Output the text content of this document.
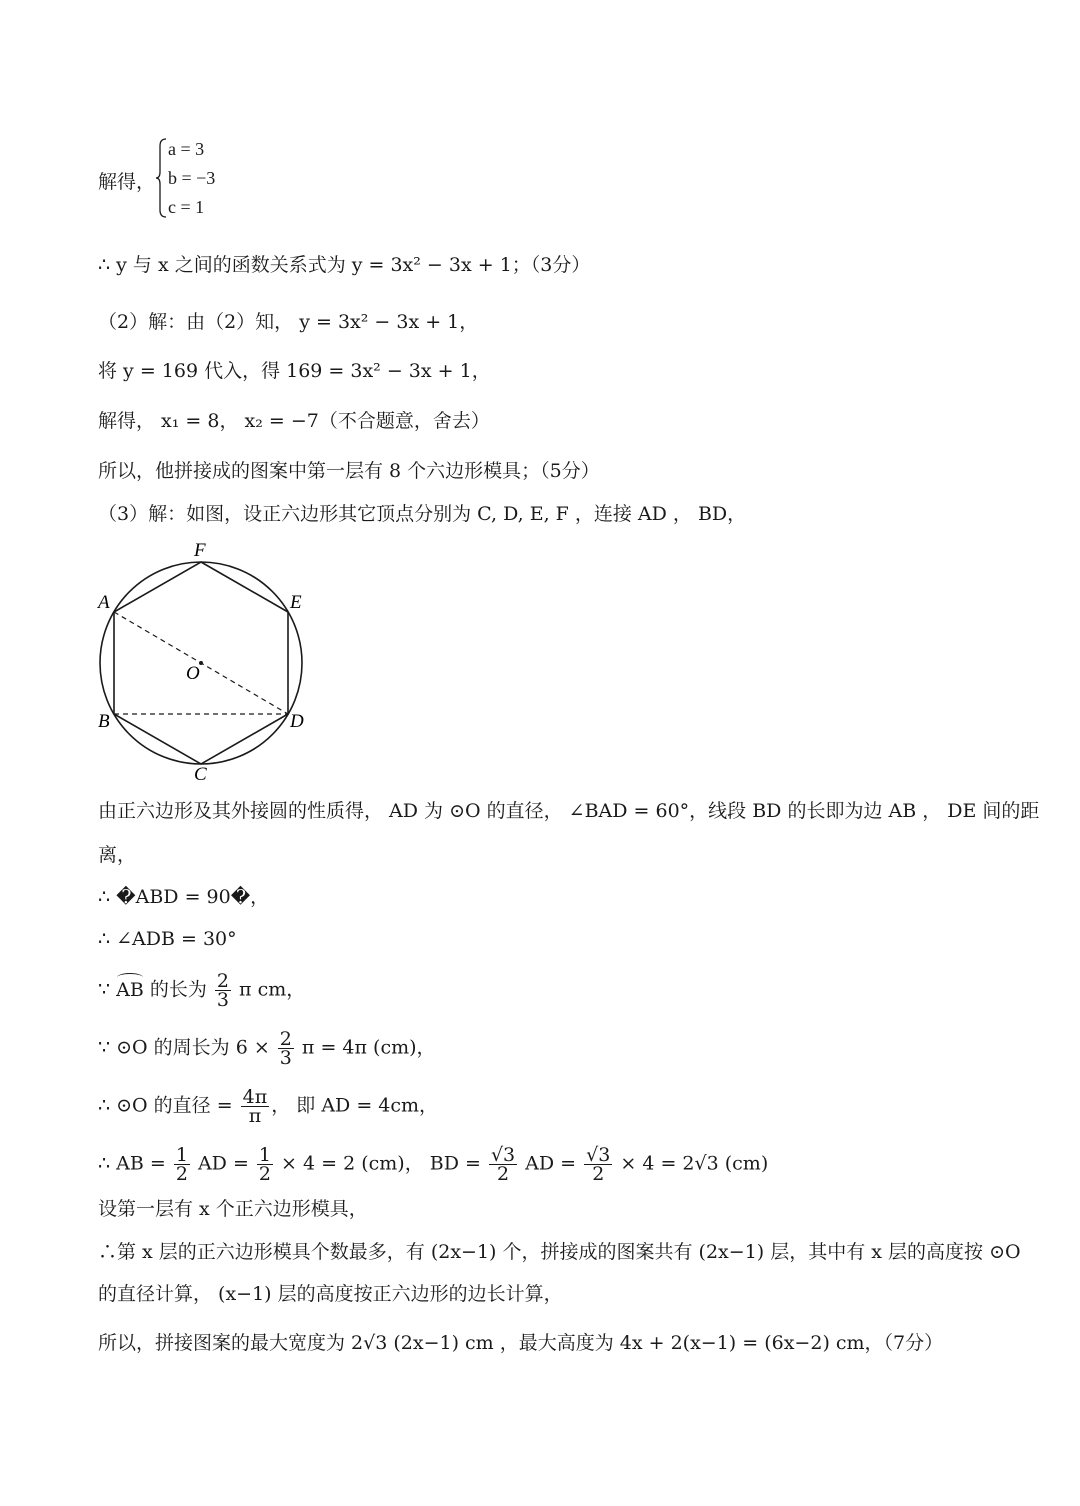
解得，
a = 3
b = −3
c = 1
∴ y 与 x 之间的函数关系式为 y = 3x² − 3x + 1；（3分）
（2）解：由（2）知， y = 3x² − 3x + 1，
将 y = 169 代入，得 169 = 3x² − 3x + 1，
解得， x₁ = 8， x₂ = −7（不合题意，舍去）
所以，他拼接成的图案中第一层有 8 个六边形模具；（5分）
（3）解：如图，设正六边形其它顶点分别为 C, D, E, F ，连接 AD ， BD，
F
E
A
O
B	D
C
由正六边形及其外接圆的性质得， AD 为 ⊙O 的直径， ∠BAD = 60°，线段 BD 的长即为边 AB ， DE 间的距
离，
∴ �ABD = 90�，
∴ ∠ADB = 30°
∵ AB 的长为 $\frac{2}{3}$ π cm，
∵ ⊙O 的周长为 $6 \times \frac{2}{3}$ π = 4π (cm)，
∴ ⊙O 的直径 = $\frac{4\pi}{\pi}$ ， 即 AD = 4cm，
∴ AB = $\frac{1}{2}$ AD = $\frac{1}{2} \times 4 = 2$ (cm)， BD = $\frac{√3}{2}$ AD = $\frac{√3}{2} \times 4 = 2√3$ (cm)
设第一层有 x 个正六边形模具，
∴第 x 层的正六边形模具个数最多，有 (2x−1) 个，拼接成的图案共有 (2x−1) 层，其中有 x 层的高度按 ⊙O
的直径计算， (x−1) 层的高度按正六边形的边长计算，
所以，拼接图案的最大宽度为 2√3 (2x−1) cm ，最大高度为 4x + 2(x−1) = (6x−2) cm，（7分）
